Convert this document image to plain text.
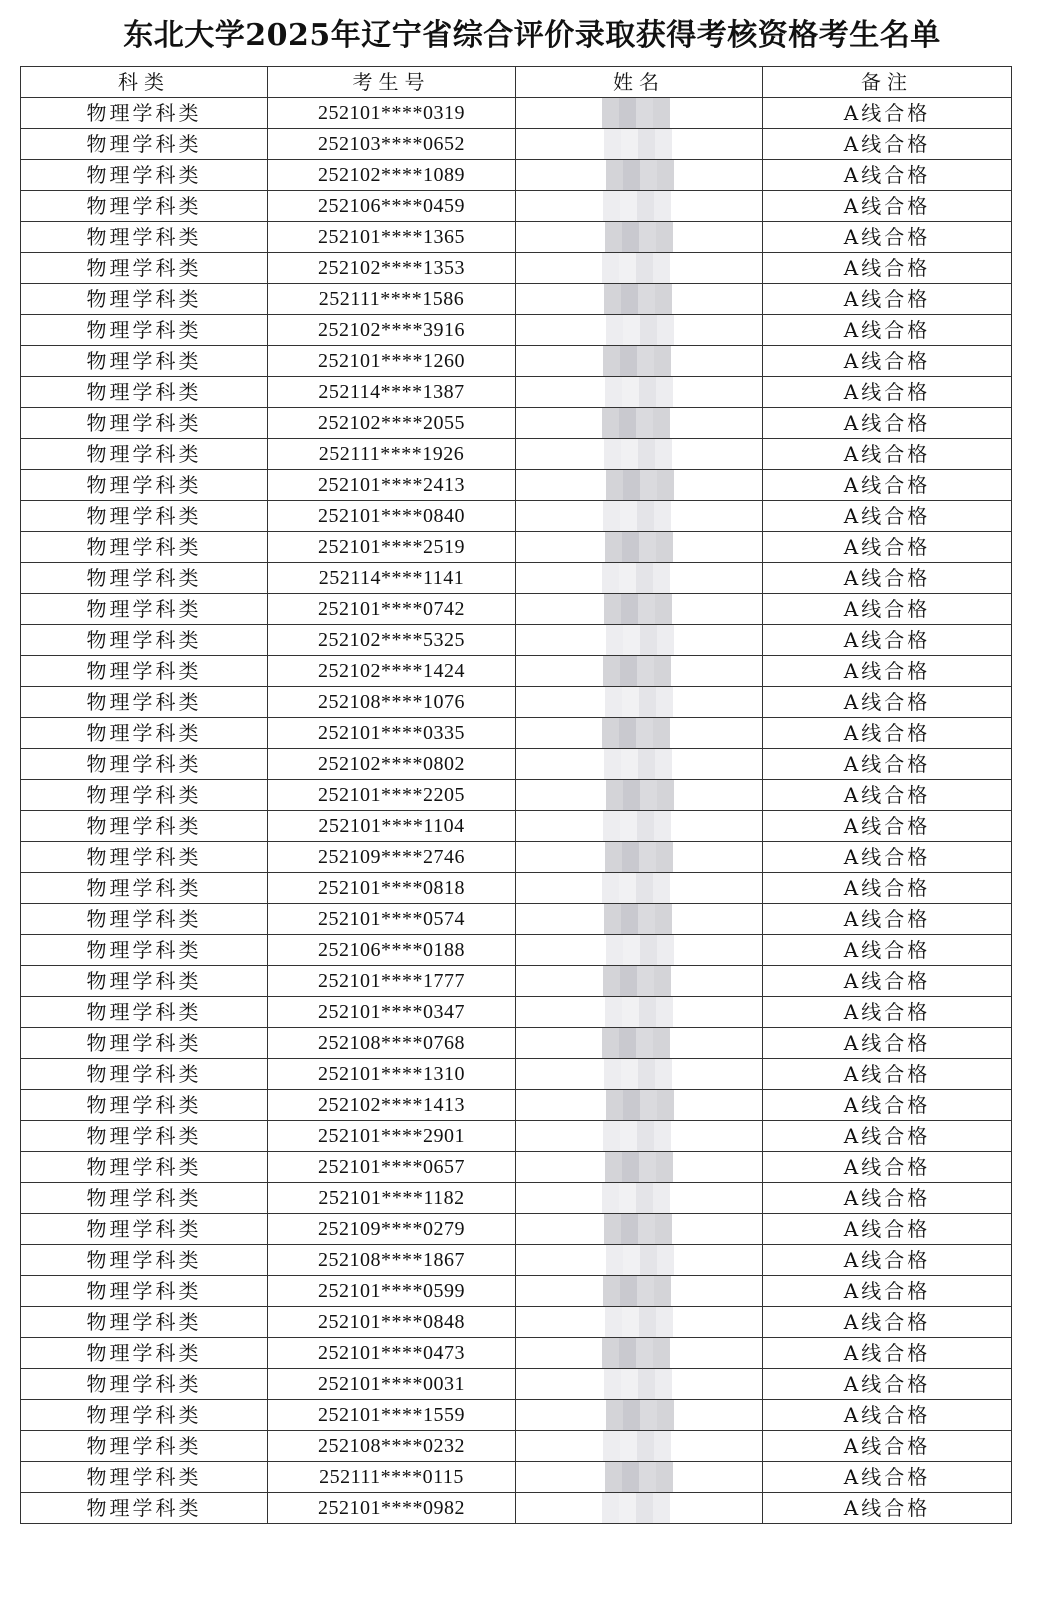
东北大学2025年辽宁省综合评价录取获得考核资格考生名单
科类	考生号	姓名	备注
物理学科类	252101****0319		A线合格
物理学科类	252103****0652		A线合格
物理学科类	252102****1089		A线合格
物理学科类	252106****0459		A线合格
物理学科类	252101****1365		A线合格
物理学科类	252102****1353		A线合格
物理学科类	252111****1586		A线合格
物理学科类	252102****3916		A线合格
物理学科类	252101****1260		A线合格
物理学科类	252114****1387		A线合格
物理学科类	252102****2055		A线合格
物理学科类	252111****1926		A线合格
物理学科类	252101****2413		A线合格
物理学科类	252101****0840		A线合格
物理学科类	252101****2519		A线合格
物理学科类	252114****1141		A线合格
物理学科类	252101****0742		A线合格
物理学科类	252102****5325		A线合格
物理学科类	252102****1424		A线合格
物理学科类	252108****1076		A线合格
物理学科类	252101****0335		A线合格
物理学科类	252102****0802		A线合格
物理学科类	252101****2205		A线合格
物理学科类	252101****1104		A线合格
物理学科类	252109****2746		A线合格
物理学科类	252101****0818		A线合格
物理学科类	252101****0574		A线合格
物理学科类	252106****0188		A线合格
物理学科类	252101****1777		A线合格
物理学科类	252101****0347		A线合格
物理学科类	252108****0768		A线合格
物理学科类	252101****1310		A线合格
物理学科类	252102****1413		A线合格
物理学科类	252101****2901		A线合格
物理学科类	252101****0657		A线合格
物理学科类	252101****1182		A线合格
物理学科类	252109****0279		A线合格
物理学科类	252108****1867		A线合格
物理学科类	252101****0599		A线合格
物理学科类	252101****0848		A线合格
物理学科类	252101****0473		A线合格
物理学科类	252101****0031		A线合格
物理学科类	252101****1559		A线合格
物理学科类	252108****0232		A线合格
物理学科类	252111****0115		A线合格
物理学科类	252101****0982		A线合格
